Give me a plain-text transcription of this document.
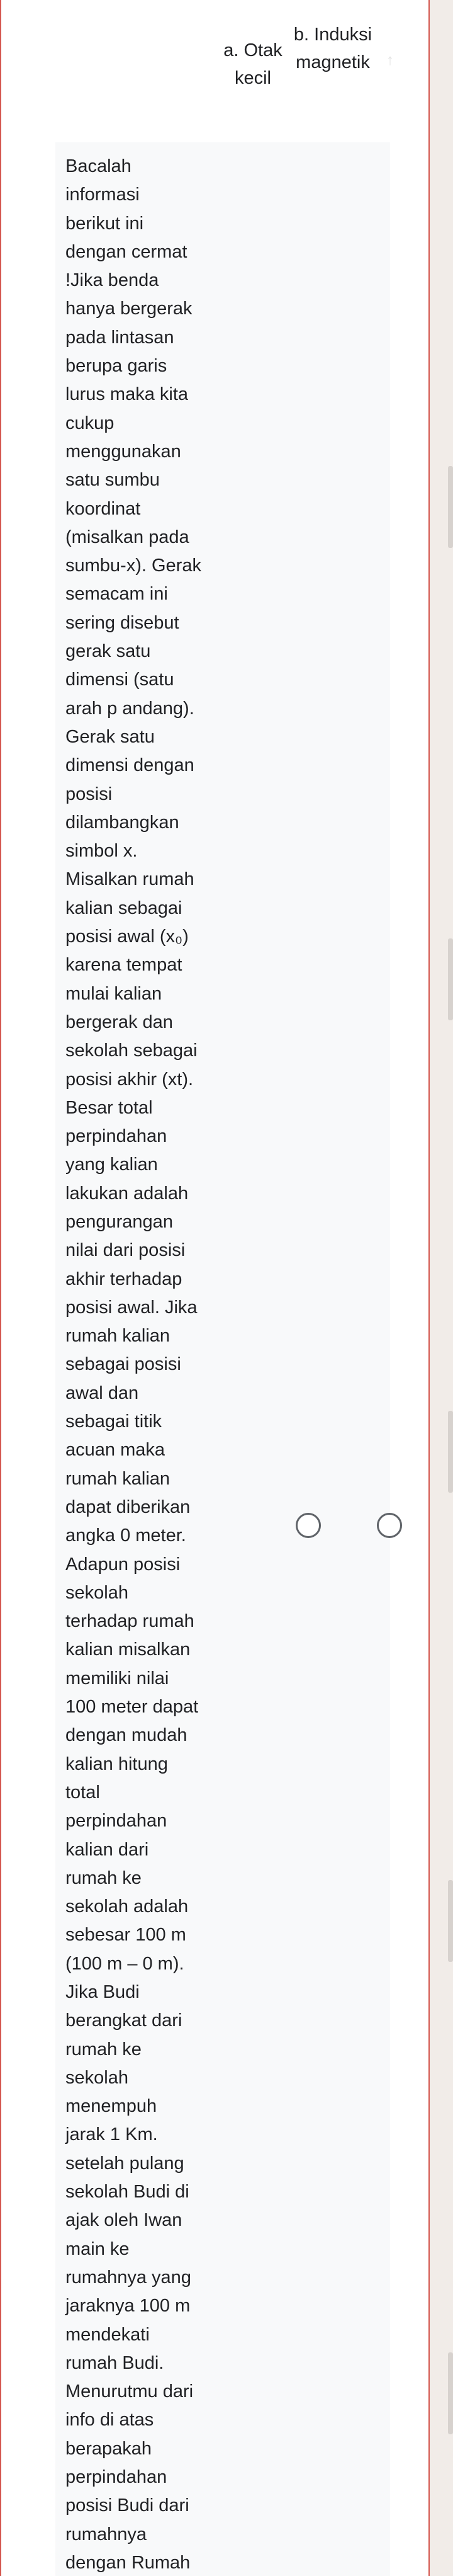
a. Otak kecil
b. Induksi magnetik	↑

Bacalah
informasi
berikut ini
dengan cermat
!Jika benda
hanya bergerak
pada lintasan
berupa garis
lurus maka kita
cukup
menggunakan
satu sumbu
koordinat
(misalkan pada
sumbu-x). Gerak
semacam ini
sering disebut
gerak satu
dimensi (satu
arah p andang).
Gerak satu
dimensi dengan
posisi
dilambangkan
simbol x.
Misalkan rumah
kalian sebagai
posisi awal (x₀)
karena tempat
mulai kalian
bergerak dan
sekolah sebagai
posisi akhir (xt).
Besar total
perpindahan
yang kalian
lakukan adalah
pengurangan
nilai dari posisi
akhir terhadap
posisi awal. Jika
rumah kalian
sebagai posisi
awal dan
sebagai titik
acuan maka
rumah kalian
dapat diberikan
angka 0 meter.
Adapun posisi
sekolah
terhadap rumah
kalian misalkan
memiliki nilai
100 meter dapat
dengan mudah
kalian hitung
total
perpindahan
kalian dari
rumah ke
sekolah adalah
sebesar 100 m
(100 m – 0 m).
Jika Budi
berangkat dari
rumah ke
sekolah
menempuh
jarak 1 Km.
setelah pulang
sekolah Budi di
ajak oleh Iwan
main ke
rumahnya yang
jaraknya 100 m
mendekati
rumah Budi.
Menurutmu dari
info di atas
berapakah
perpindahan
posisi Budi dari
rumahnya
dengan Rumah
